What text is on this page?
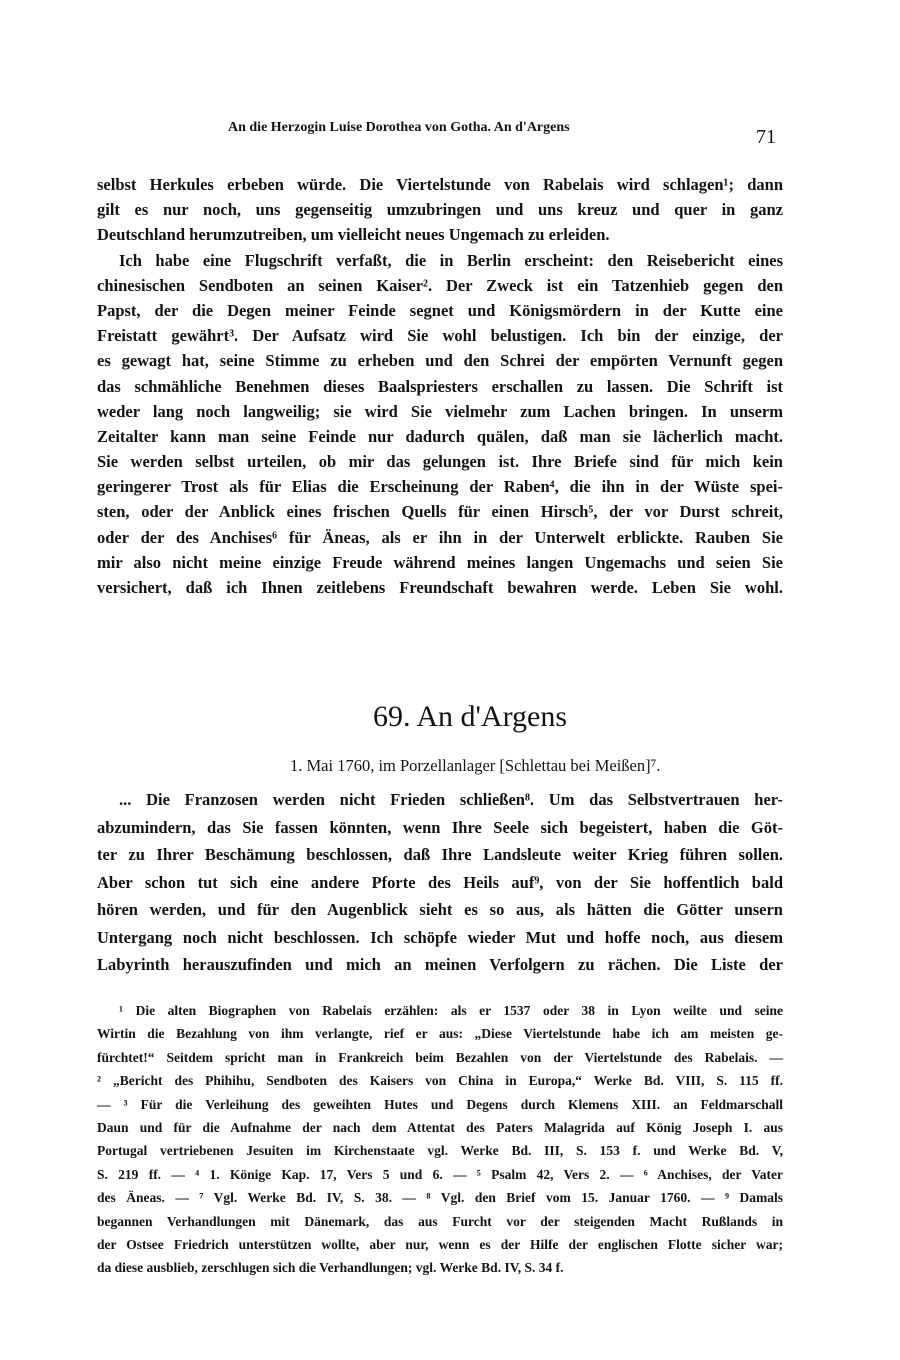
An die Herzogin Luise Dorothea von Gotha. An d'Argens	71
selbst Herkules erbeben würde. Die Viertelstunde von Rabelais wird schlagen¹; dann
gilt es nur noch, uns gegenseitig umzubringen und uns kreuz und quer in ganz
Deutschland herumzutreiben, um vielleicht neues Ungemach zu erleiden.
Ich habe eine Flugschrift verfaßt, die in Berlin erscheint: den Reisebericht eines
chinesischen Sendboten an seinen Kaiser². Der Zweck ist ein Tatzenhieb gegen den
Papst, der die Degen meiner Feinde segnet und Königsmördern in der Kutte eine
Freistatt gewährt³. Der Aufsatz wird Sie wohl belustigen. Ich bin der einzige, der
es gewagt hat, seine Stimme zu erheben und den Schrei der empörten Vernunft gegen
das schmähliche Benehmen dieses Baalspriesters erschallen zu lassen. Die Schrift ist
weder lang noch langweilig; sie wird Sie vielmehr zum Lachen bringen. In unserm
Zeitalter kann man seine Feinde nur dadurch quälen, daß man sie lächerlich macht.
Sie werden selbst urteilen, ob mir das gelungen ist. Ihre Briefe sind für mich kein
geringerer Trost als für Elias die Erscheinung der Raben⁴, die ihn in der Wüste spei-
sten, oder der Anblick eines frischen Quells für einen Hirsch⁵, der vor Durst schreit,
oder der des Anchises⁶ für Äneas, als er ihn in der Unterwelt erblickte. Rauben Sie
mir also nicht meine einzige Freude während meines langen Ungemachs und seien Sie
versichert, daß ich Ihnen zeitlebens Freundschaft bewahren werde. Leben Sie wohl.
69. An d'Argens
1. Mai 1760, im Porzellanlager [Schlettau bei Meißen]⁷.
... Die Franzosen werden nicht Frieden schließen⁸. Um das Selbstvertrauen her-
abzumindern, das Sie fassen könnten, wenn Ihre Seele sich begeistert, haben die Göt-
ter zu Ihrer Beschämung beschlossen, daß Ihre Landsleute weiter Krieg führen sollen.
Aber schon tut sich eine andere Pforte des Heils auf⁹, von der Sie hoffentlich bald
hören werden, und für den Augenblick sieht es so aus, als hätten die Götter unsern
Untergang noch nicht beschlossen. Ich schöpfe wieder Mut und hoffe noch, aus diesem
Labyrinth herauszufinden und mich an meinen Verfolgern zu rächen. Die Liste der
¹ Die alten Biographen von Rabelais erzählen: als er 1537 oder 38 in Lyon weilte und seine
Wirtin die Bezahlung von ihm verlangte, rief er aus: „Diese Viertelstunde habe ich am meisten ge-
fürchtet!“ Seitdem spricht man in Frankreich beim Bezahlen von der Viertelstunde des Rabelais. —
² „Bericht des Phihihu, Sendboten des Kaisers von China in Europa,“ Werke Bd. VIII, S. 115 ff.
— ³ Für die Verleihung des geweihten Hutes und Degens durch Klemens XIII. an Feldmarschall
Daun und für die Aufnahme der nach dem Attentat des Paters Malagrida auf König Joseph I. aus
Portugal vertriebenen Jesuiten im Kirchenstaate vgl. Werke Bd. III, S. 153 f. und Werke Bd. V,
S. 219 ff. — ⁴ 1. Könige Kap. 17, Vers 5 und 6. — ⁵ Psalm 42, Vers 2. — ⁶ Anchises, der Vater
des Äneas. — ⁷ Vgl. Werke Bd. IV, S. 38. — ⁸ Vgl. den Brief vom 15. Januar 1760. — ⁹ Damals
begannen Verhandlungen mit Dänemark, das aus Furcht vor der steigenden Macht Rußlands in
der Ostsee Friedrich unterstützen wollte, aber nur, wenn es der Hilfe der englischen Flotte sicher war;
da diese ausblieb, zerschlugen sich die Verhandlungen; vgl. Werke Bd. IV, S. 34 f.
